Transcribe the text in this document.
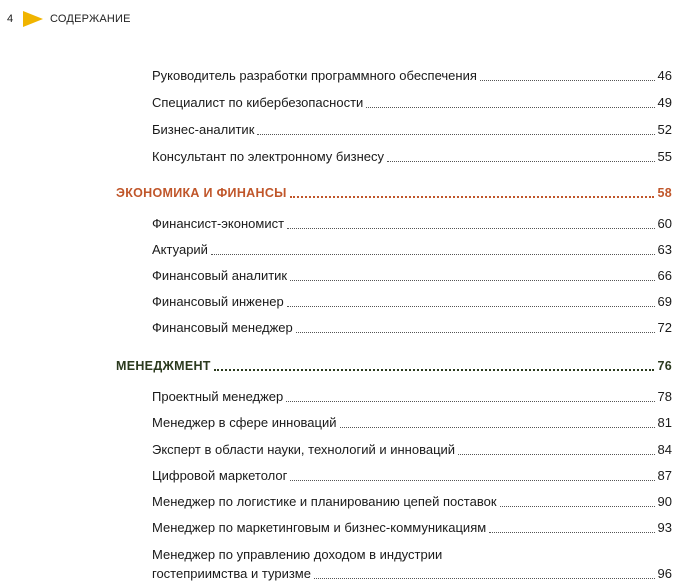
4	СОДЕРЖАНИЕ
Руководитель разработки программного обеспечения	46
Специалист по кибербезопасности	49
Бизнес-аналитик	52
Консультант по электронному бизнесу	55
ЭКОНОМИКА И ФИНАНСЫ	58
Финансист-экономист	60
Актуарий	63
Финансовый аналитик	66
Финансовый инженер	69
Финансовый менеджер	72
МЕНЕДЖМЕНТ	76
Проектный менеджер	78
Менеджер в сфере инноваций	81
Эксперт в области науки, технологий и инноваций	84
Цифровой маркетолог	87
Менеджер по логистике и планированию цепей поставок	90
Менеджер по маркетинговым и бизнес-коммуникациям	93
Менеджер по управлению доходом в индустрии
гостеприимства и туризме	96
